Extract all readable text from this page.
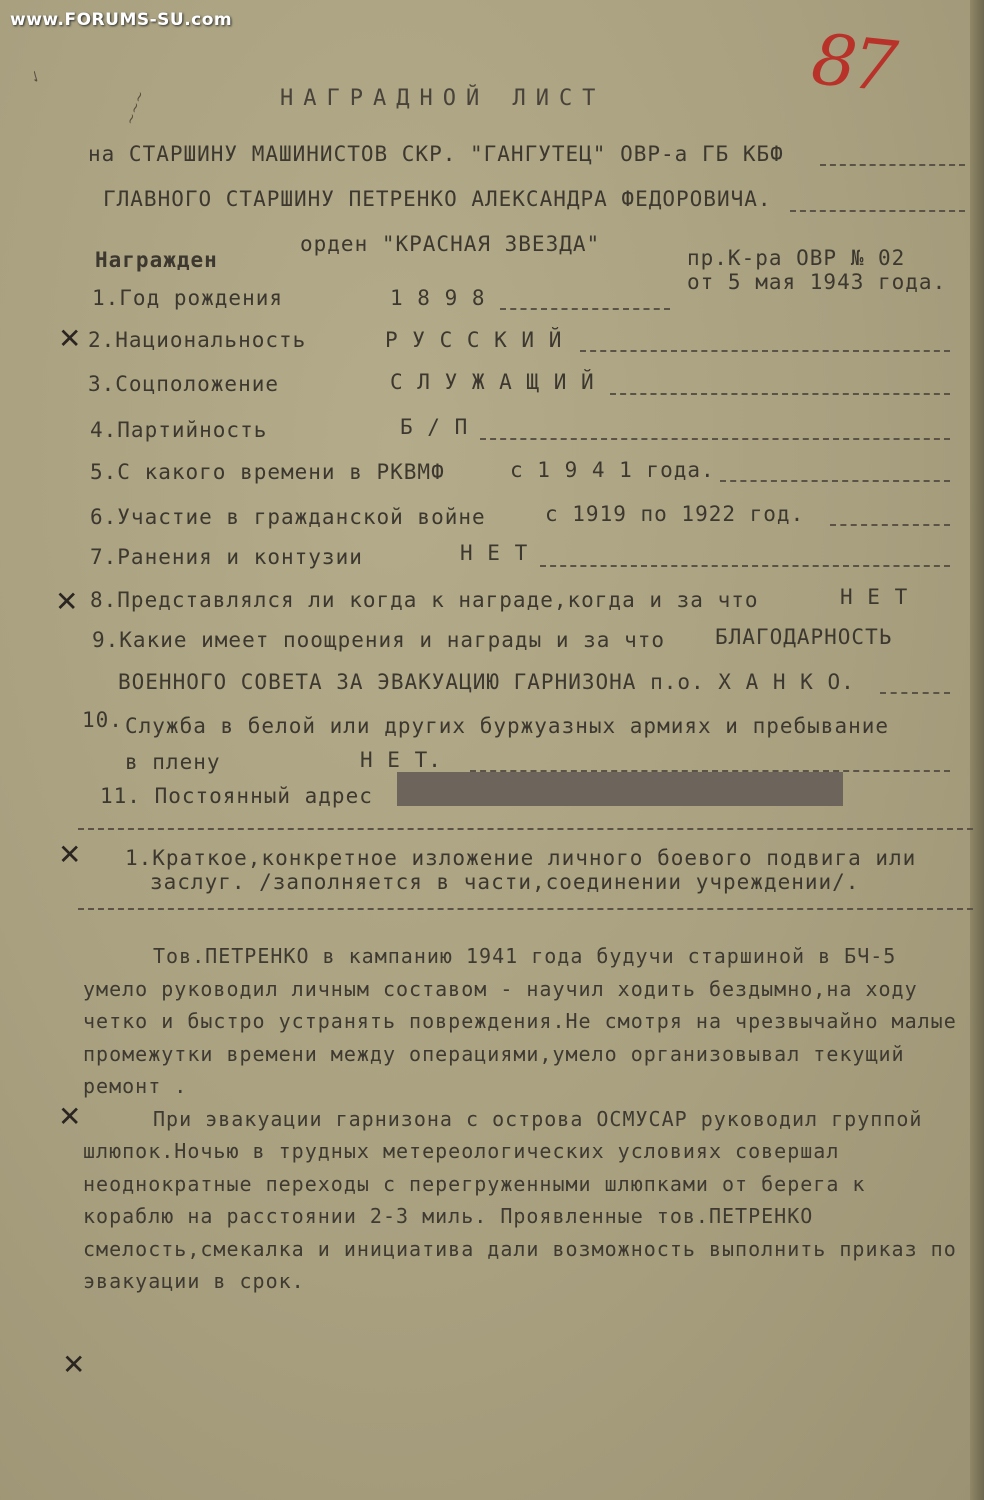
www.FORUMS-SU.com	87
✓
~~~	НАГРАДНОЙ ЛИСТ
на СТАРШИНУ МАШИНИСТОВ СКР. "ГАНГУТЕЦ" ОВР-а ГБ КБФ
ГЛАВНОГО СТАРШИНУ ПЕТРЕНКО АЛЕКСАНДРА ФЕДОРОВИЧА.
Награжден
орден "КРАСНАЯ ЗВЕЗДА"
пр.К-ра ОВР № 02
от 5 мая 1943 года.
1.Год рождения	1 8 9 8
2.Национальность	Р У С С К И Й
3.Соцположение	С Л У Ж А Щ И Й
4.Партийность	Б / П
5.С какого времени в РКВМФ	с 1 9 4 1 года.
6.Участие в гражданской войне	с 1919 по 1922 год.
7.Ранения и контузии	Н Е Т
8.Представлялся ли когда к награде,когда и за что	Н Е Т
9.Какие имеет поощрения и награды и за что БЛАГОДАРНОСТЬ
ВОЕННОГО СОВЕТА ЗА ЭВАКУАЦИЮ ГАРНИЗОНА п.о. Х А Н К О.
10. Служба в белой или других буржуазных армиях и пребывание
в плену	Н Е Т.
11. Постоянный адрес
1.Краткое,конкретное изложение личного боевого подвига или
заслуг. /заполняется в части,соединении учреждении/.

Тов.ПЕТРЕНКО в кампанию 1941 года будучи старшиной в БЧ-5 умело руководил личным составом - научил ходить бездымно,на ходу четко и быстро устранять повреждения.Не смотря на чрезвычайно малые промежутки времени между операциями,умело организовывал текущий ремонт .

При эвакуации гарнизона с острова ОСМУСАР руководил группой шлюпок.Ночью в трудных метереологических условиях совершал неоднократные переходы с перегруженными шлюпками от берега к кораблю на расстоянии 2-3 миль. Проявленные тов.ПЕТРЕНКО смелость,смекалка и инициатива дали возможность выполнить приказ по эвакуации в срок.

✕
✕
✕
✕
✕
